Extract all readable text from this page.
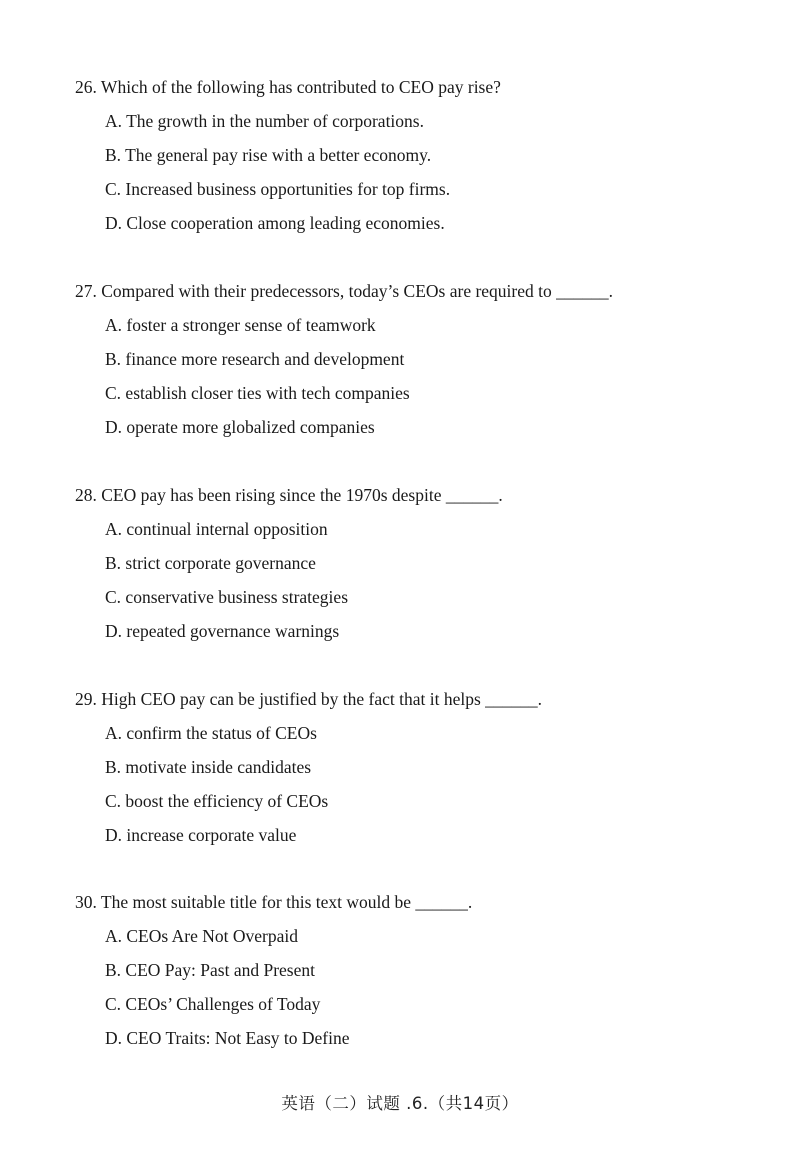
26. Which of the following has contributed to CEO pay rise?
A. The growth in the number of corporations.
B. The general pay rise with a better economy.
C. Increased business opportunities for top firms.
D. Close cooperation among leading economies.
27. Compared with their predecessors, today’s CEOs are required to ______.
A. foster a stronger sense of teamwork
B. finance more research and development
C. establish closer ties with tech companies
D. operate more globalized companies
28. CEO pay has been rising since the 1970s despite ______.
A. continual internal opposition
B. strict corporate governance
C. conservative business strategies
D. repeated governance warnings
29. High CEO pay can be justified by the fact that it helps ______.
A. confirm the status of CEOs
B. motivate inside candidates
C. boost the efficiency of CEOs
D. increase corporate value
30. The most suitable title for this text would be ______.
A. CEOs Are Not Overpaid
B. CEO Pay: Past and Present
C. CEOs’ Challenges of Today
D. CEO Traits: Not Easy to Define
英语（二）试题 .6.（共14页）
